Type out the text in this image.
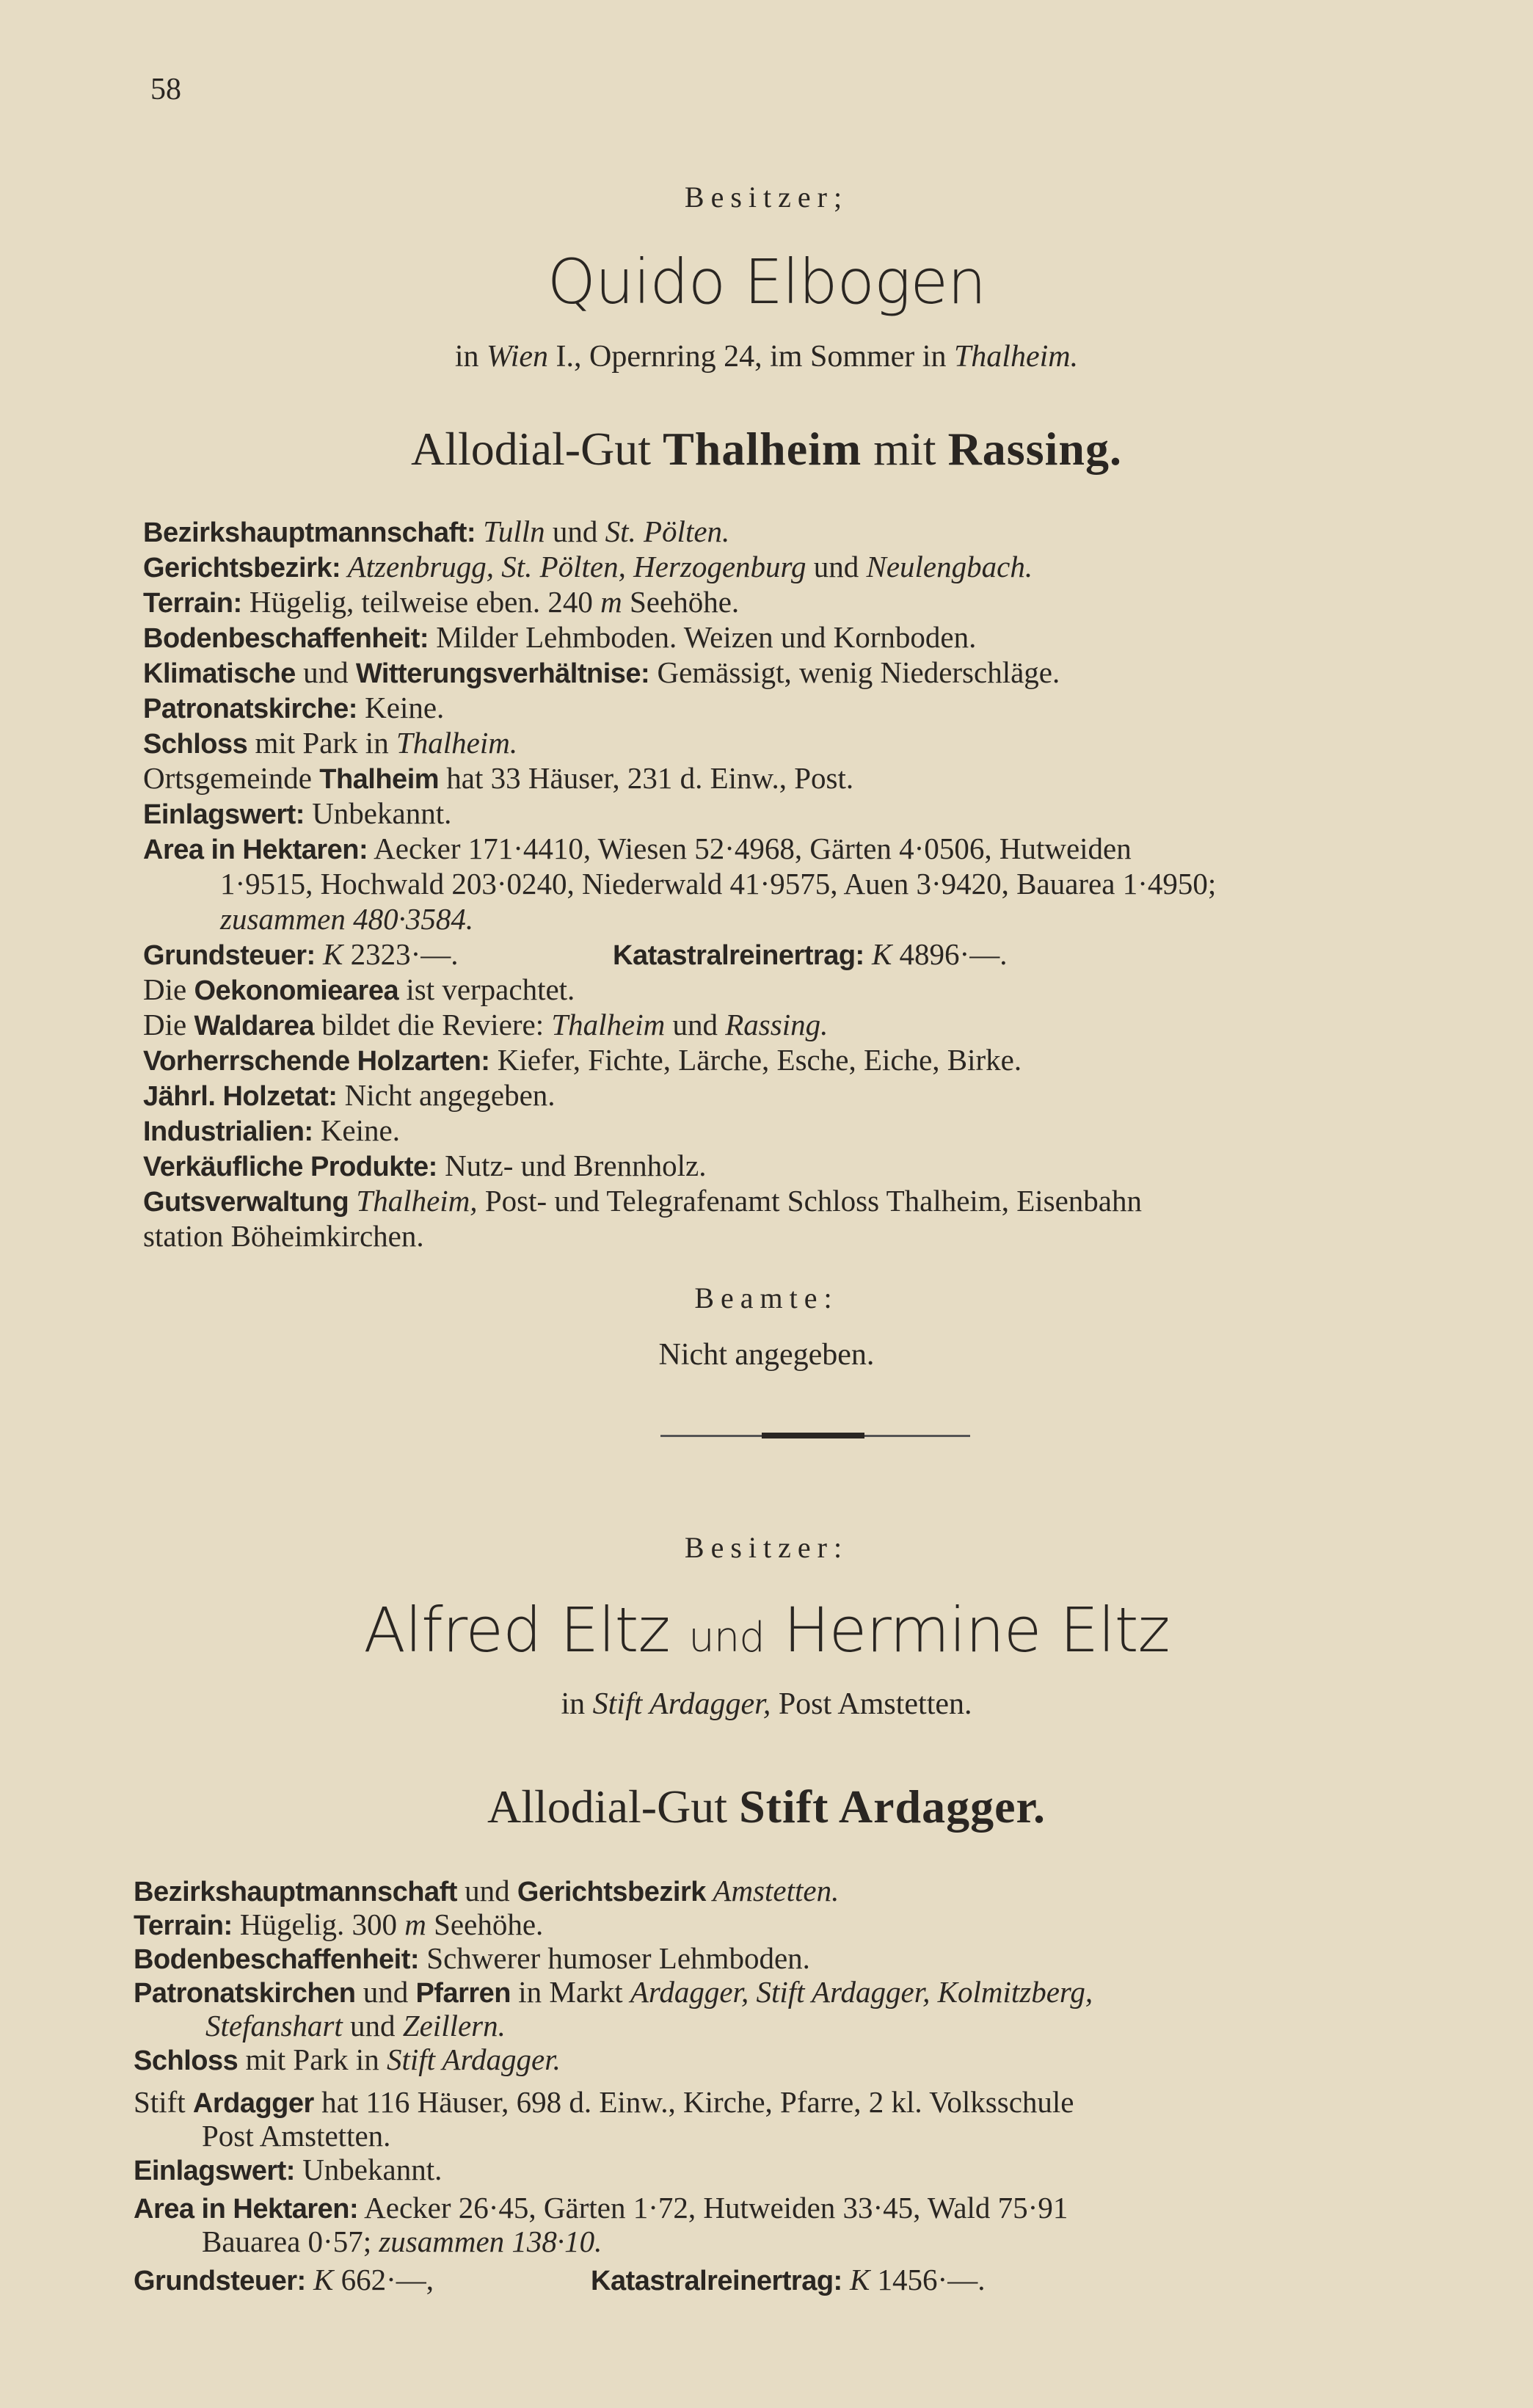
58
Besitzer;
Quido Elbogen
in Wien I., Opernring 24, im Sommer in Thalheim.
Allodial-Gut Thalheim mit Rassing.
Bezirkshauptmannschaft: Tulln und St. Pölten.
Gerichtsbezirk: Atzenbrugg, St. Pölten, Herzogenburg und Neulengbach.
Terrain: Hügelig, teilweise eben. 240 m Seehöhe.
Bodenbeschaffenheit: Milder Lehmboden. Weizen und Kornboden.
Klimatische und Witterungsverhältnise: Gemässigt, wenig Niederschläge.
Patronatskirche: Keine.
Schloss mit Park in Thalheim.
Ortsgemeinde Thalheim hat 33 Häuser, 231 d. Einw., Post.
Einlagswert: Unbekannt.
Area in Hektaren: Aecker 171·4410, Wiesen 52·4968, Gärten 4·0506, Hutweiden
1·9515, Hochwald 203·0240, Niederwald 41·9575, Auen 3·9420, Bauarea 1·4950;
zusammen 480·3584.
Grundsteuer: K 2323·—.	Katastralreinertrag: K 4896·—.
Die Oekonomiearea ist verpachtet.
Die Waldarea bildet die Reviere: Thalheim und Rassing.
Vorherrschende Holzarten: Kiefer, Fichte, Lärche, Esche, Eiche, Birke.
Jährl. Holzetat: Nicht angegeben.
Industrialien: Keine.
Verkäufliche Produkte: Nutz- und Brennholz.
Gutsverwaltung Thalheim, Post- und Telegrafenamt Schloss Thalheim, Eisenbahn
station Böheimkirchen.
Beamte:
Nicht angegeben.
Besitzer:
Alfred Eltz und Hermine Eltz
in Stift Ardagger, Post Amstetten.
Allodial-Gut Stift Ardagger.
Bezirkshauptmannschaft und Gerichtsbezirk Amstetten.
Terrain: Hügelig. 300 m Seehöhe.
Bodenbeschaffenheit: Schwerer humoser Lehmboden.
Patronatskirchen und Pfarren in Markt Ardagger, Stift Ardagger, Kolmitzberg,
Stefanshart und Zeillern.
Schloss mit Park in Stift Ardagger.
Stift Ardagger hat 116 Häuser, 698 d. Einw., Kirche, Pfarre, 2 kl. Volksschule
Post Amstetten.
Einlagswert: Unbekannt.
Area in Hektaren: Aecker 26·45, Gärten 1·72, Hutweiden 33·45, Wald 75·91
Bauarea 0·57; zusammen 138·10.
Grundsteuer: K 662·—,	Katastralreinertrag: K 1456·—.
